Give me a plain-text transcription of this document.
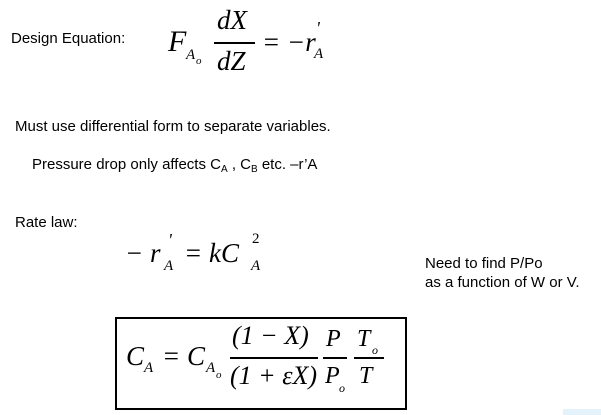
Design Equation: F A o
dX
dZ
= −r '
A
Must use differential form to separate variables.
Pressure drop only affects $C_A$ , $C_B$ etc. –r’A
Rate law:
− r '
A = kC 2
A	Need to find P/Po
as a function of W or V.
C A = C A o
(1 − X)
(1 + εX)
P
P o
T o
T
